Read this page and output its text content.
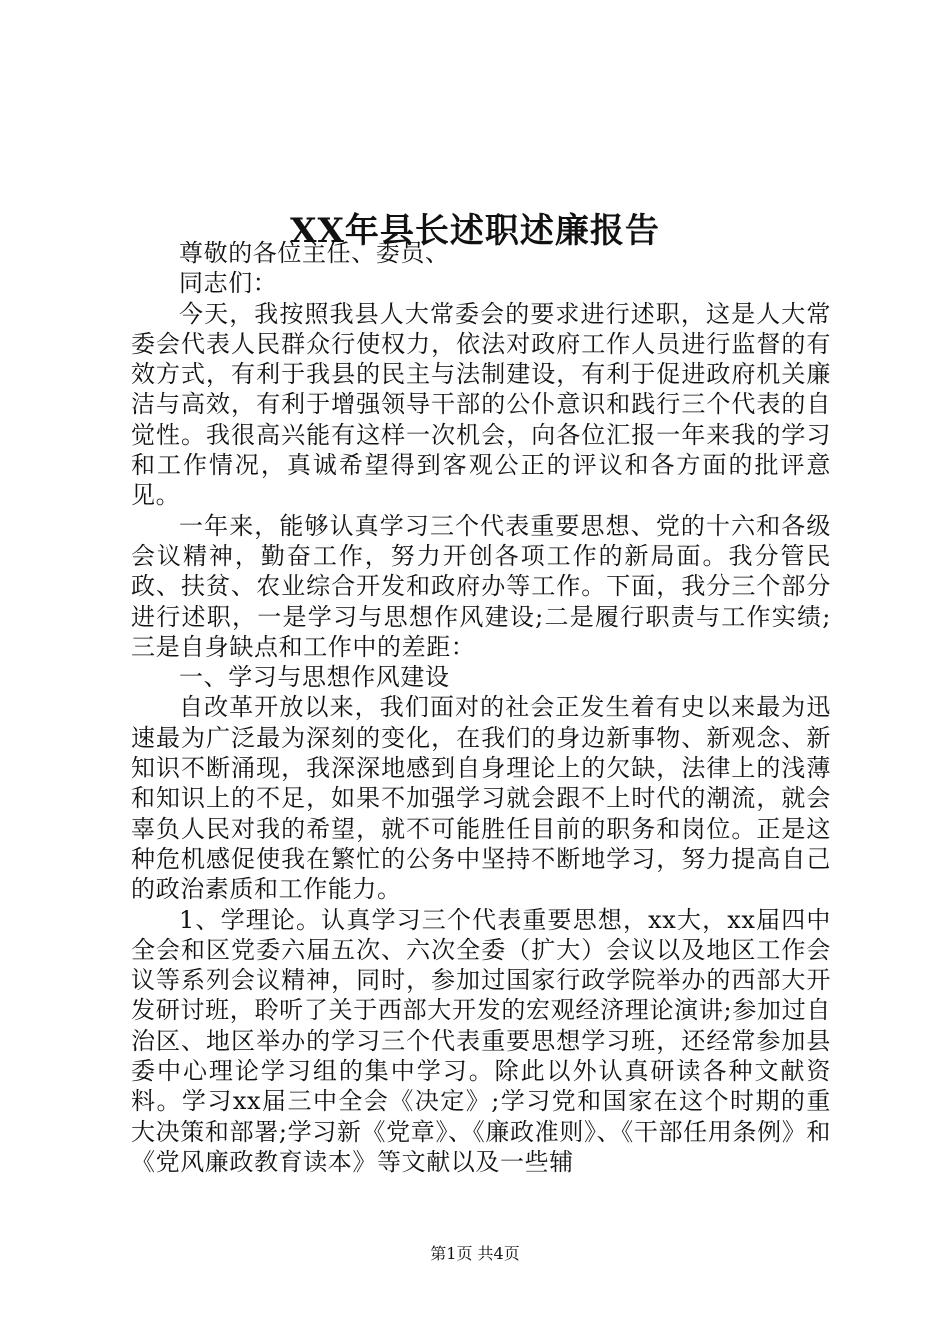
XX年县长述职述廉报告

尊敬的各位主任、委员、

同志们：

今天，我按照我县人大常委会的要求进行述职，这是人大常委会代表人民群众行使权力，依法对政府工作人员进行监督的有效方式，有利于我县的民主与法制建设，有利于促进政府机关廉洁与高效，有利于增强领导干部的公仆意识和践行三个代表的自觉性。我很高兴能有这样一次机会，向各位汇报一年来我的学习和工作情况，真诚希望得到客观公正的评议和各方面的批评意见。

一年来，能够认真学习三个代表重要思想、党的十六和各级会议精神，勤奋工作，努力开创各项工作的新局面。我分管民政、扶贫、农业综合开发和政府办等工作。下面，我分三个部分进行述职，一是学习与思想作风建设;二是履行职责与工作实绩;三是自身缺点和工作中的差距：

一、学习与思想作风建设

自改革开放以来，我们面对的社会正发生着有史以来最为迅速最为广泛最为深刻的变化，在我们的身边新事物、新观念、新知识不断涌现，我深深地感到自身理论上的欠缺，法律上的浅薄和知识上的不足，如果不加强学习就会跟不上时代的潮流，就会辜负人民对我的希望，就不可能胜任目前的职务和岗位。正是这种危机感促使我在繁忙的公务中坚持不断地学习，努力提高自己的政治素质和工作能力。

1、学理论。认真学习三个代表重要思想，xx大，xx届四中全会和区党委六届五次、六次全委（扩大）会议以及地区工作会议等系列会议精神，同时，参加过国家行政学院举办的西部大开发研讨班，聆听了关于西部大开发的宏观经济理论演讲;参加过自治区、地区举办的学习三个代表重要思想学习班，还经常参加县委中心理论学习组的集中学习。除此以外认真研读各种文献资料。学习xx届三中全会《决定》;学习党和国家在这个时期的重大决策和部署;学习新《党章》、《廉政准则》、《干部任用条例》和《党风廉政教育读本》等文献以及一些辅

第1页 共4页
